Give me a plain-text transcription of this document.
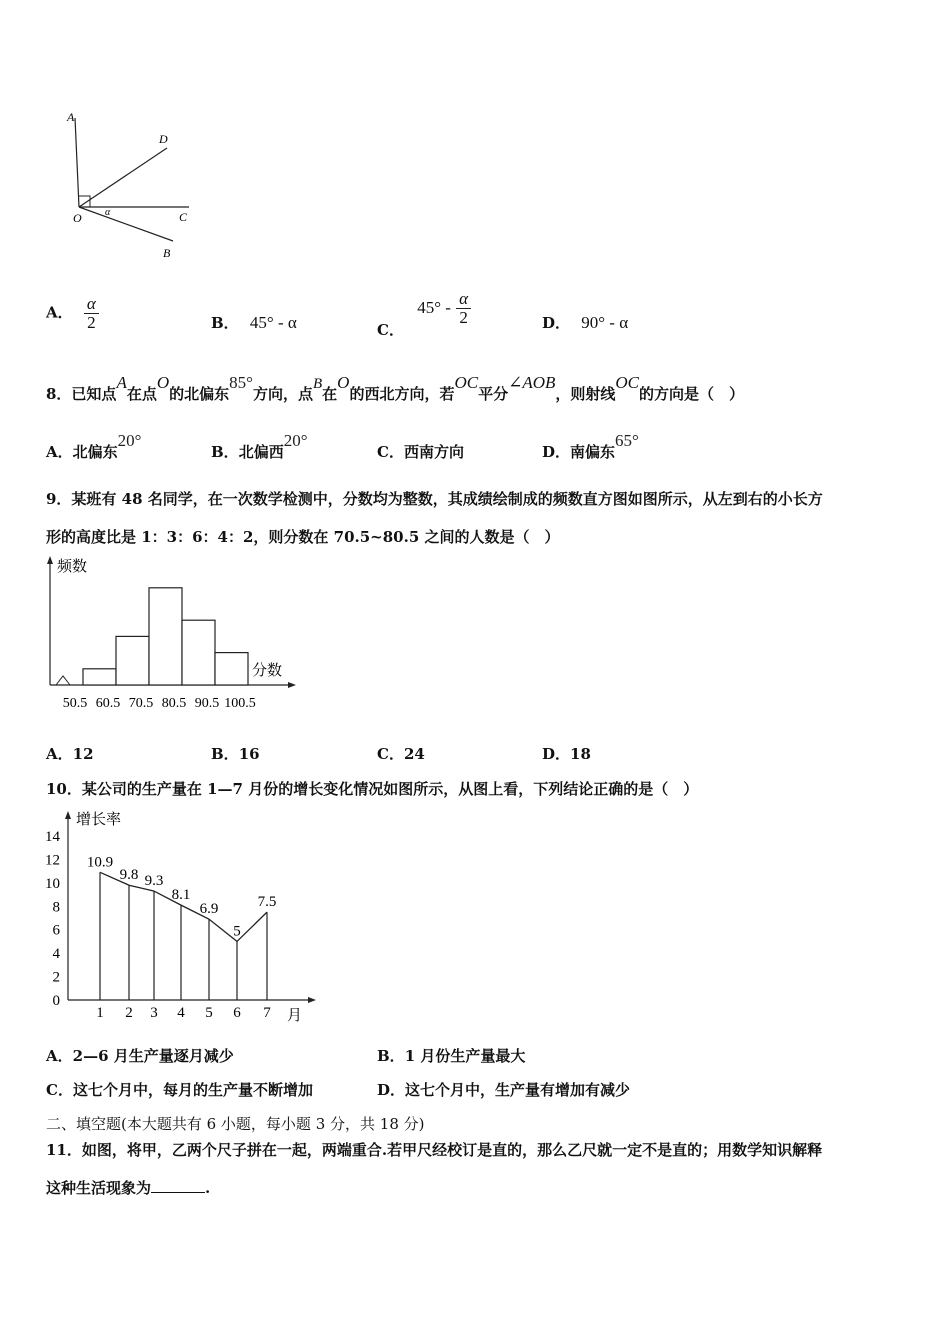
A
D
O	C
B
α
A． $\frac{\alpha}{2}$	B． 45° - α	C． $45^\circ - \frac{\alpha}{2}$	D． 90° - α
8．已知点A在点O的北偏东85°方向，点B在O的西北方向，若OC平分∠AOB，则射线OC的方向是（　）
A．北偏东20°
B．北偏西20°
C．西南方向	D．南偏东65°
9．某班有 48 名同学，在一次数学检测中，分数均为整数，其成绩绘制成的频数直方图如图所示，从左到右的小长方
形的高度比是 1：3：6：4：2，则分数在 70.5~80.5 之间的人数是（　）
频数
分数
50.5 60.5 70.5 80.5 90.5 100.5
A．12	B．16	C．24	D．18
10．某公司的生产量在 1—7 月份的增长变化情况如图所示，从图上看，下列结论正确的是（　）
增长率
月
0
2
4
6
8
10
12
14
10.9
9.8 9.3
8.1
6.9
5
7.5
1 2 3 4 5 6 7
A．2—6 月生产量逐月减少	B．1 月份生产量最大
C．这七个月中，每月的生产量不断增加	D．这七个月中，生产量有增加有减少
二、填空题(本大题共有 6 小题，每小题 3 分，共 18 分)
11．如图，将甲，乙两个尺子拼在一起，两端重合.若甲尺经校订是直的，那么乙尺就一定不是直的；用数学知识解释
这种生活现象为	.
